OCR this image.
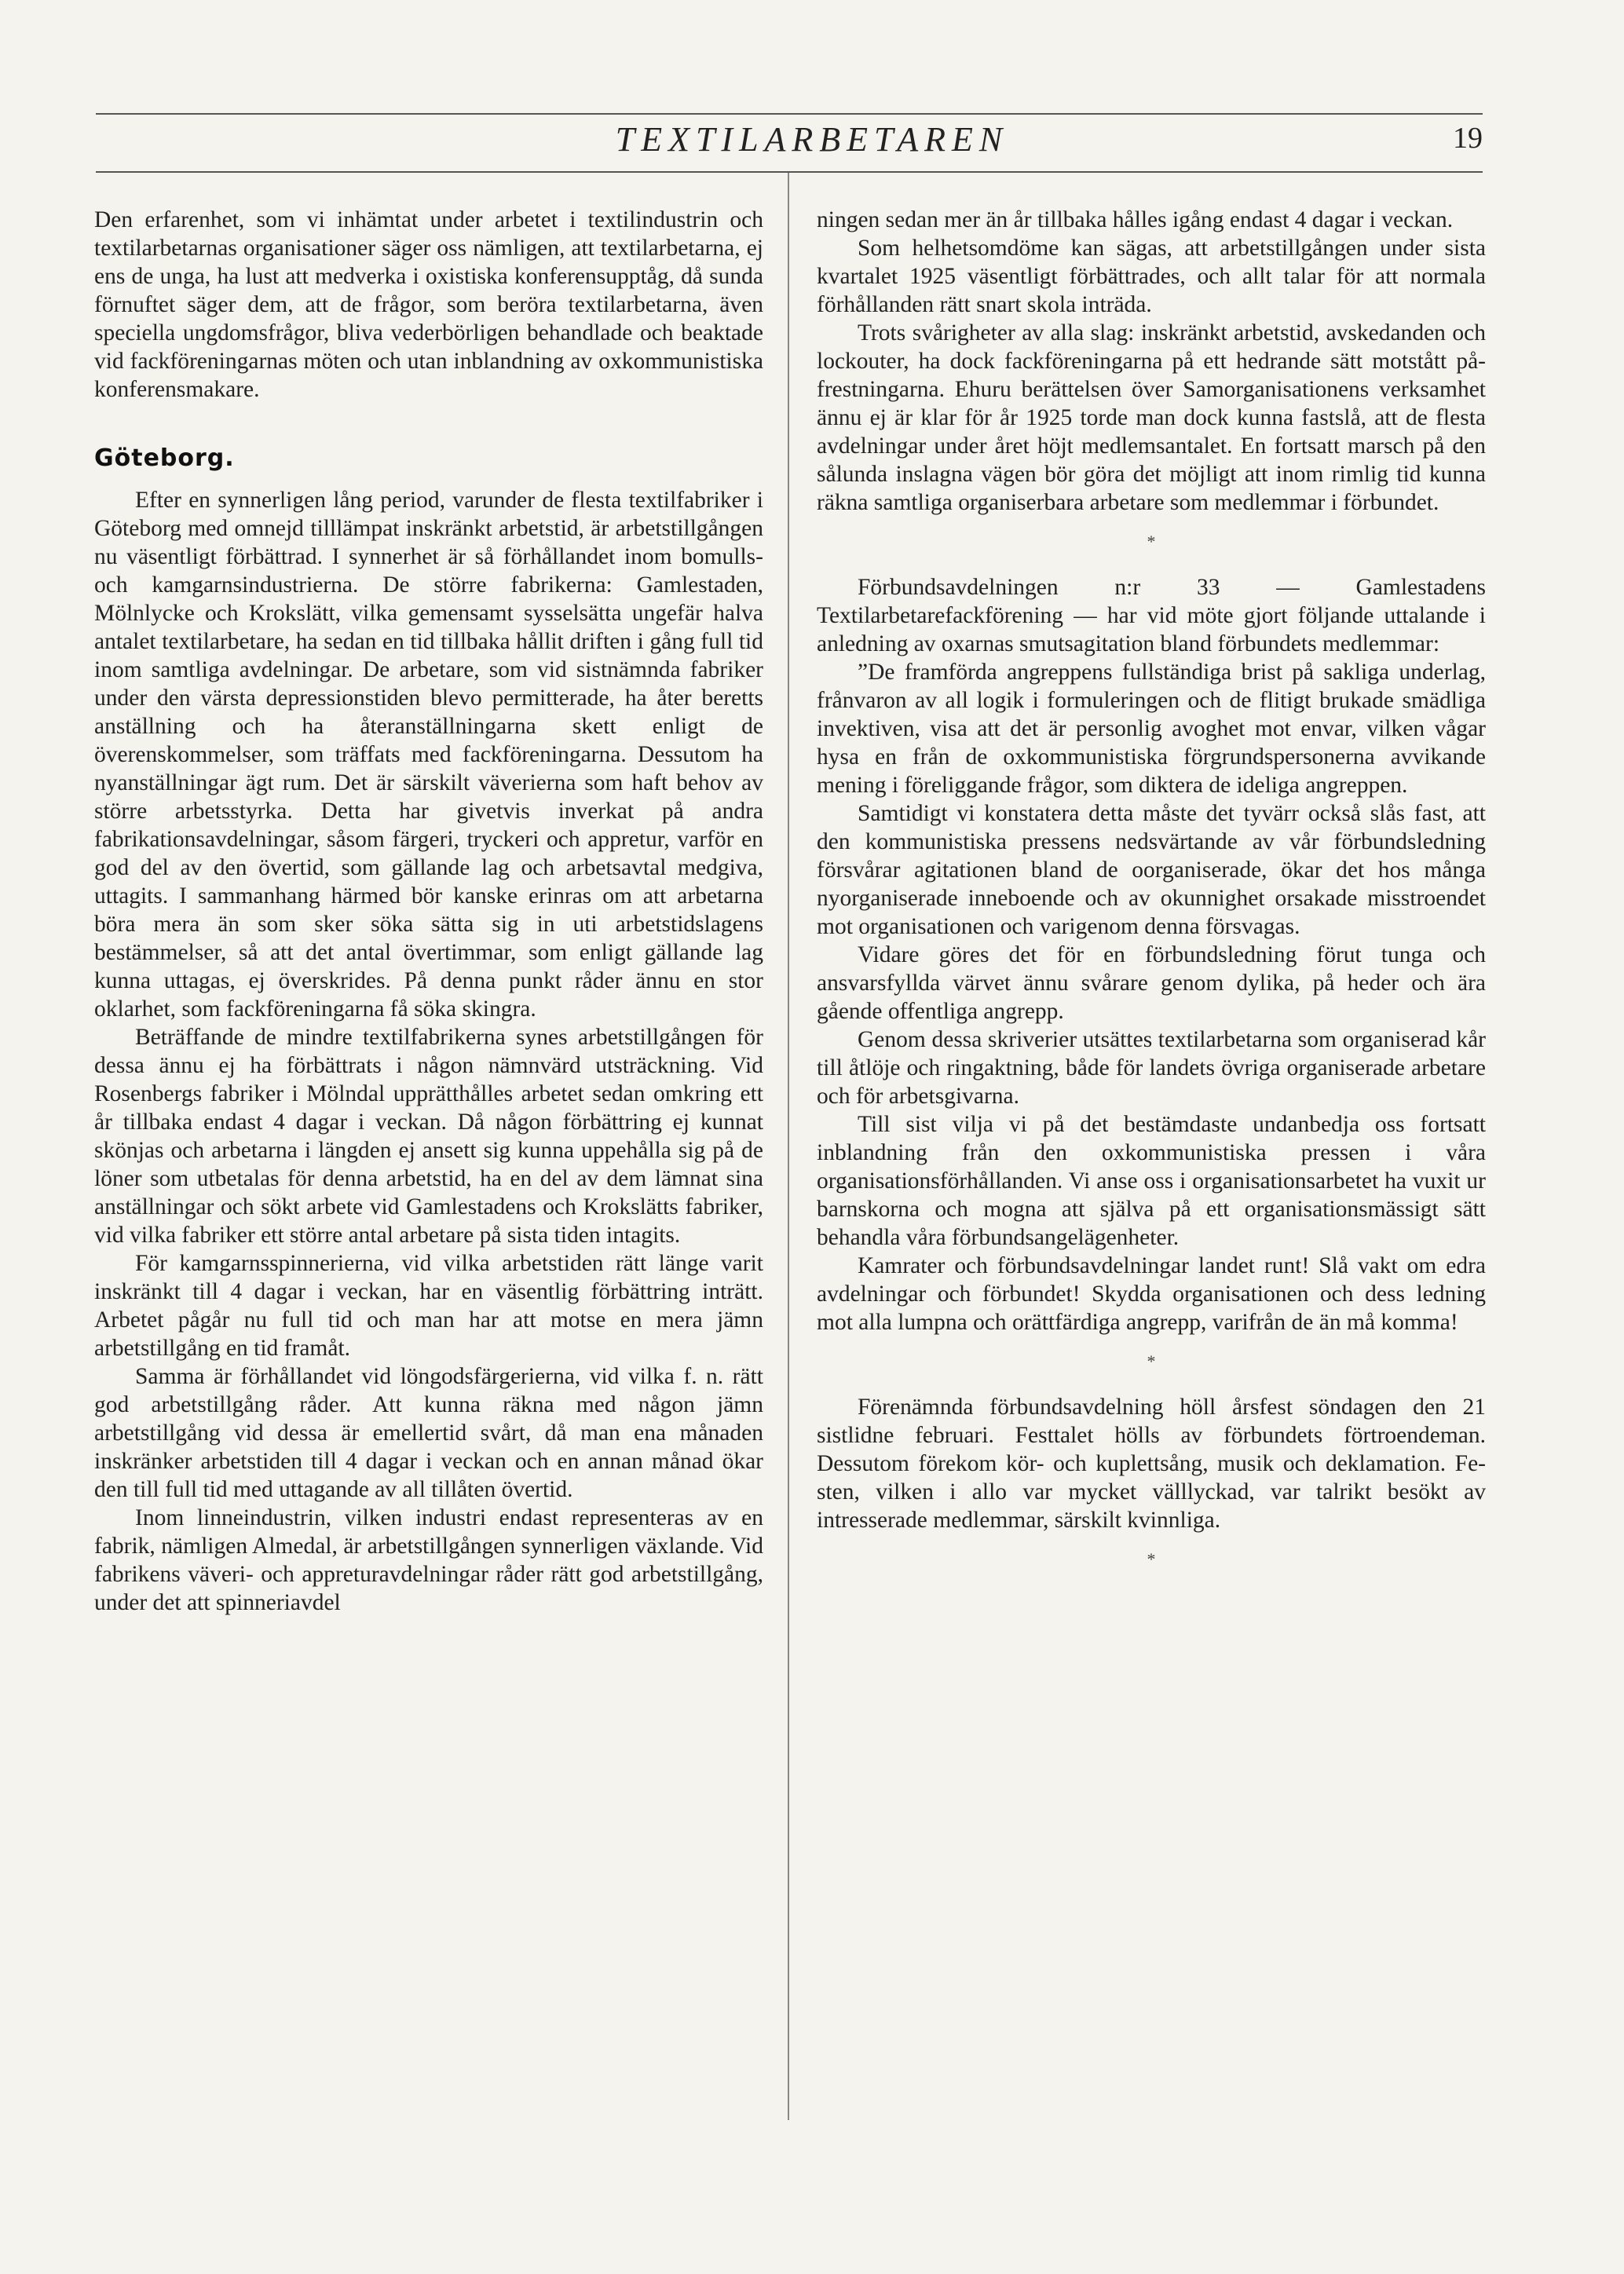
TEXTILARBETAREN	19

Den erfarenhet, som vi inhämtat under arbetet i textilindustrin och textilarbetarnas organisationer säger oss nämligen, att textilarbetarna, ej ens de unga, ha lust att medverka i oxistiska konferensupptåg, då sunda förnuftet säger dem, att de frågor, som beröra textilarbetarna, även speciella ungdomsfrågor, bliva vederbörligen behandlade och beaktade vid fackföreningarnas möten och utan inblandning av oxkommunistiska konferensmakare.

Göteborg.

Efter en synnerligen lång period, varunder de flesta textilfabriker i Göteborg med omnejd tilllämpat inskränkt arbetstid, är arbetstillgången nu väsentligt förbättrad. I synnerhet är så förhållandet inom bomulls- och kamgarnsindustrierna. De större fabrikerna: Gamlestaden, Mölnlycke och Krokslätt, vilka gemensamt sysselsätta ungefär halva antalet textilarbetare, ha sedan en tid tillbaka hållit driften i gång full tid inom samtliga avdelningar. De arbetare, som vid sistnämnda fabriker under den värsta depressionstiden blevo permitterade, ha åter beretts anställning och ha återanställningarna skett enligt de överenskommelser, som träffats med fackföreningarna. Dessutom ha nyanställningar ägt rum. Det är särskilt väverierna som haft behov av större arbetsstyrka. Detta har givetvis inverkat på andra fabrikationsavdelningar, såsom färgeri, tryckeri och appretur, varför en god del av den övertid, som gällande lag och arbetsavtal medgiva, uttagits. I sammanhang härmed bör kanske erinras om att arbetarna böra mera än som sker söka sätta sig in uti arbetstidslagens bestämmelser, så att det antal övertimmar, som enligt gällande lag kunna uttagas, ej överskrides. På denna punkt råder ännu en stor oklarhet, som fackföreningarna få söka skingra.

Beträffande de mindre textilfabrikerna synes arbetstillgången för dessa ännu ej ha förbättrats i någon nämnvärd utsträckning. Vid Rosenbergs fabriker i Mölndal upprätthålles arbetet sedan omkring ett år tillbaka endast 4 dagar i veckan. Då någon förbättring ej kunnat skönjas och arbetarna i längden ej ansett sig kunna uppehålla sig på de löner som utbetalas för denna arbetstid, ha en del av dem lämnat sina anställningar och sökt arbete vid Gamlestadens och Krokslätts fabriker, vid vilka fabriker ett större antal arbetare på sista tiden intagits.

För kamgarnsspinnerierna, vid vilka arbetstiden rätt länge varit inskränkt till 4 dagar i veckan, har en väsentlig förbättring inträtt. Arbetet pågår nu full tid och man har att motse en mera jämn arbetstillgång en tid framåt.

Samma är förhållandet vid löngodsfärgerierna, vid vilka f. n. rätt god arbetstillgång råder. Att kunna räkna med någon jämn arbetstillgång vid dessa är emellertid svårt, då man ena månaden inskränker arbetstiden till 4 dagar i veckan och en annan månad ökar den till full tid med uttagande av all tillåten övertid.

Inom linneindustrin, vilken industri endast representeras av en fabrik, nämligen Almedal, är arbetstillgången synnerligen växlande. Vid fabrikens väveri- och appreturavdelningar råder rätt god arbetstillgång, under det att spinneriavdel

ningen sedan mer än år tillbaka hålles igång endast 4 dagar i veckan.

Som helhetsomdöme kan sägas, att arbetstillgången under sista kvartalet 1925 väsentligt förbättrades, och allt talar för att normala förhållanden rätt snart skola inträda.

Trots svårigheter av alla slag: inskränkt arbetstid, avskedanden och lockouter, ha dock fackföreningarna på ett hedrande sätt motstått påfrestningarna. Ehuru berättelsen över Samorganisationens verksamhet ännu ej är klar för år 1925 torde man dock kunna fastslå, att de flesta avdelningar under året höjt medlemsantalet. En fortsatt marsch på den sålunda inslagna vägen bör göra det möjligt att inom rimlig tid kunna räkna samtliga organiserbara arbetare som medlemmar i förbundet.

*

Förbundsavdelningen n:r 33 — Gamlestadens Textilarbetarefackförening — har vid möte gjort följande uttalande i anledning av oxarnas smutsagitation bland förbundets medlemmar:

”De framförda angreppens fullständiga brist på sakliga underlag, frånvaron av all logik i formuleringen och de flitigt brukade smädliga invektiven, visa att det är personlig avoghet mot envar, vilken vågar hysa en från de oxkommunistiska förgrundspersonerna avvikande mening i föreliggande frågor, som diktera de ideliga angreppen.

Samtidigt vi konstatera detta måste det tyvärr också slås fast, att den kommunistiska pressens nedsvärtande av vår förbundsledning försvårar agitationen bland de oorganiserade, ökar det hos många nyorganiserade inneboende och av okunnighet orsakade misstroendet mot organisationen och varigenom denna försvagas.

Vidare göres det för en förbundsledning förut tunga och ansvarsfyllda värvet ännu svårare genom dylika, på heder och ära gående offentliga angrepp.

Genom dessa skriverier utsättes textilarbetarna som organiserad kår till åtlöje och ringaktning, både för landets övriga organiserade arbetare och för arbetsgivarna.

Till sist vilja vi på det bestämdaste undanbedja oss fortsatt inblandning från den oxkommunistiska pressen i våra organisationsförhållanden. Vi anse oss i organisationsarbetet ha vuxit ur barnskorna och mogna att själva på ett organisationsmässigt sätt behandla våra förbundsangelägenheter.

Kamrater och förbundsavdelningar landet runt! Slå vakt om edra avdelningar och förbundet! Skydda organisationen och dess ledning mot alla lumpna och orättfärdiga angrepp, varifrån de än må komma!

*

Förenämnda förbundsavdelning höll årsfest söndagen den 21 sistlidne februari. Festtalet hölls av förbundets förtroendeman. Dessutom förekom kör- och kuplettsång, musik och deklamation. Festen, vilken i allo var mycket välllyckad, var talrikt besökt av intresserade medlemmar, särskilt kvinnliga.

*
